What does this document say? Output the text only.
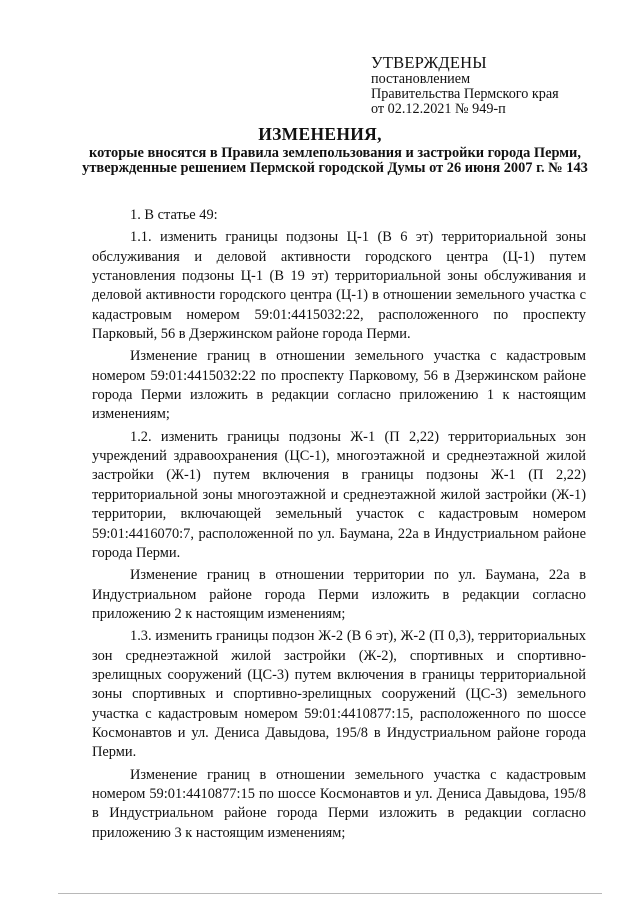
УТВЕРЖДЕНЫ
постановлением
Правительства Пермского края
от 02.12.2021 № 949-п
ИЗМЕНЕНИЯ,
которые вносятся в Правила землепользования и застройки города Перми, утвержденные решением Пермской городской Думы от 26 июня 2007 г. № 143

1. В статье 49:

1.1. изменить границы подзоны Ц-1 (В 6 эт) территориальной зоны обслуживания и деловой активности городского центра (Ц-1) путем установления подзоны Ц-1 (В 19 эт) территориальной зоны обслуживания и деловой активности городского центра (Ц-1) в отношении земельного участка с кадастровым номером 59:01:4415032:22, расположенного по проспекту Парковый, 56 в Дзержинском районе города Перми.

Изменение границ в отношении земельного участка с кадастровым номером 59:01:4415032:22 по проспекту Парковому, 56 в Дзержинском районе города Перми изложить в редакции согласно приложению 1 к настоящим изменениям;

1.2. изменить границы подзоны Ж-1 (П 2,22) территориальных зон учреждений здравоохранения (ЦС-1), многоэтажной и среднеэтажной жилой застройки (Ж-1) путем включения в границы подзоны Ж-1 (П 2,22) территориальной зоны многоэтажной и среднеэтажной жилой застройки (Ж-1) территории, включающей земельный участок с кадастровым номером 59:01:4416070:7, расположенной по ул. Баумана, 22а в Индустриальном районе города Перми.

Изменение границ в отношении территории по ул. Баумана, 22а в Индустриальном районе города Перми изложить в редакции согласно приложению 2 к настоящим изменениям;

1.3. изменить границы подзон Ж-2 (В 6 эт), Ж-2 (П 0,3), территориальных зон среднеэтажной жилой застройки (Ж-2), спортивных и спортивно-зрелищных сооружений (ЦС-3) путем включения в границы территориальной зоны спортивных и спортивно-зрелищных сооружений (ЦС-3) земельного участка с кадастровым номером 59:01:4410877:15, расположенного по шоссе Космонавтов и ул. Дениса Давыдова, 195/8 в Индустриальном районе города Перми.

Изменение границ в отношении земельного участка с кадастровым номером 59:01:4410877:15 по шоссе Космонавтов и ул. Дениса Давыдова, 195/8 в Индустриальном районе города Перми изложить в редакции согласно приложению 3 к настоящим изменениям;
